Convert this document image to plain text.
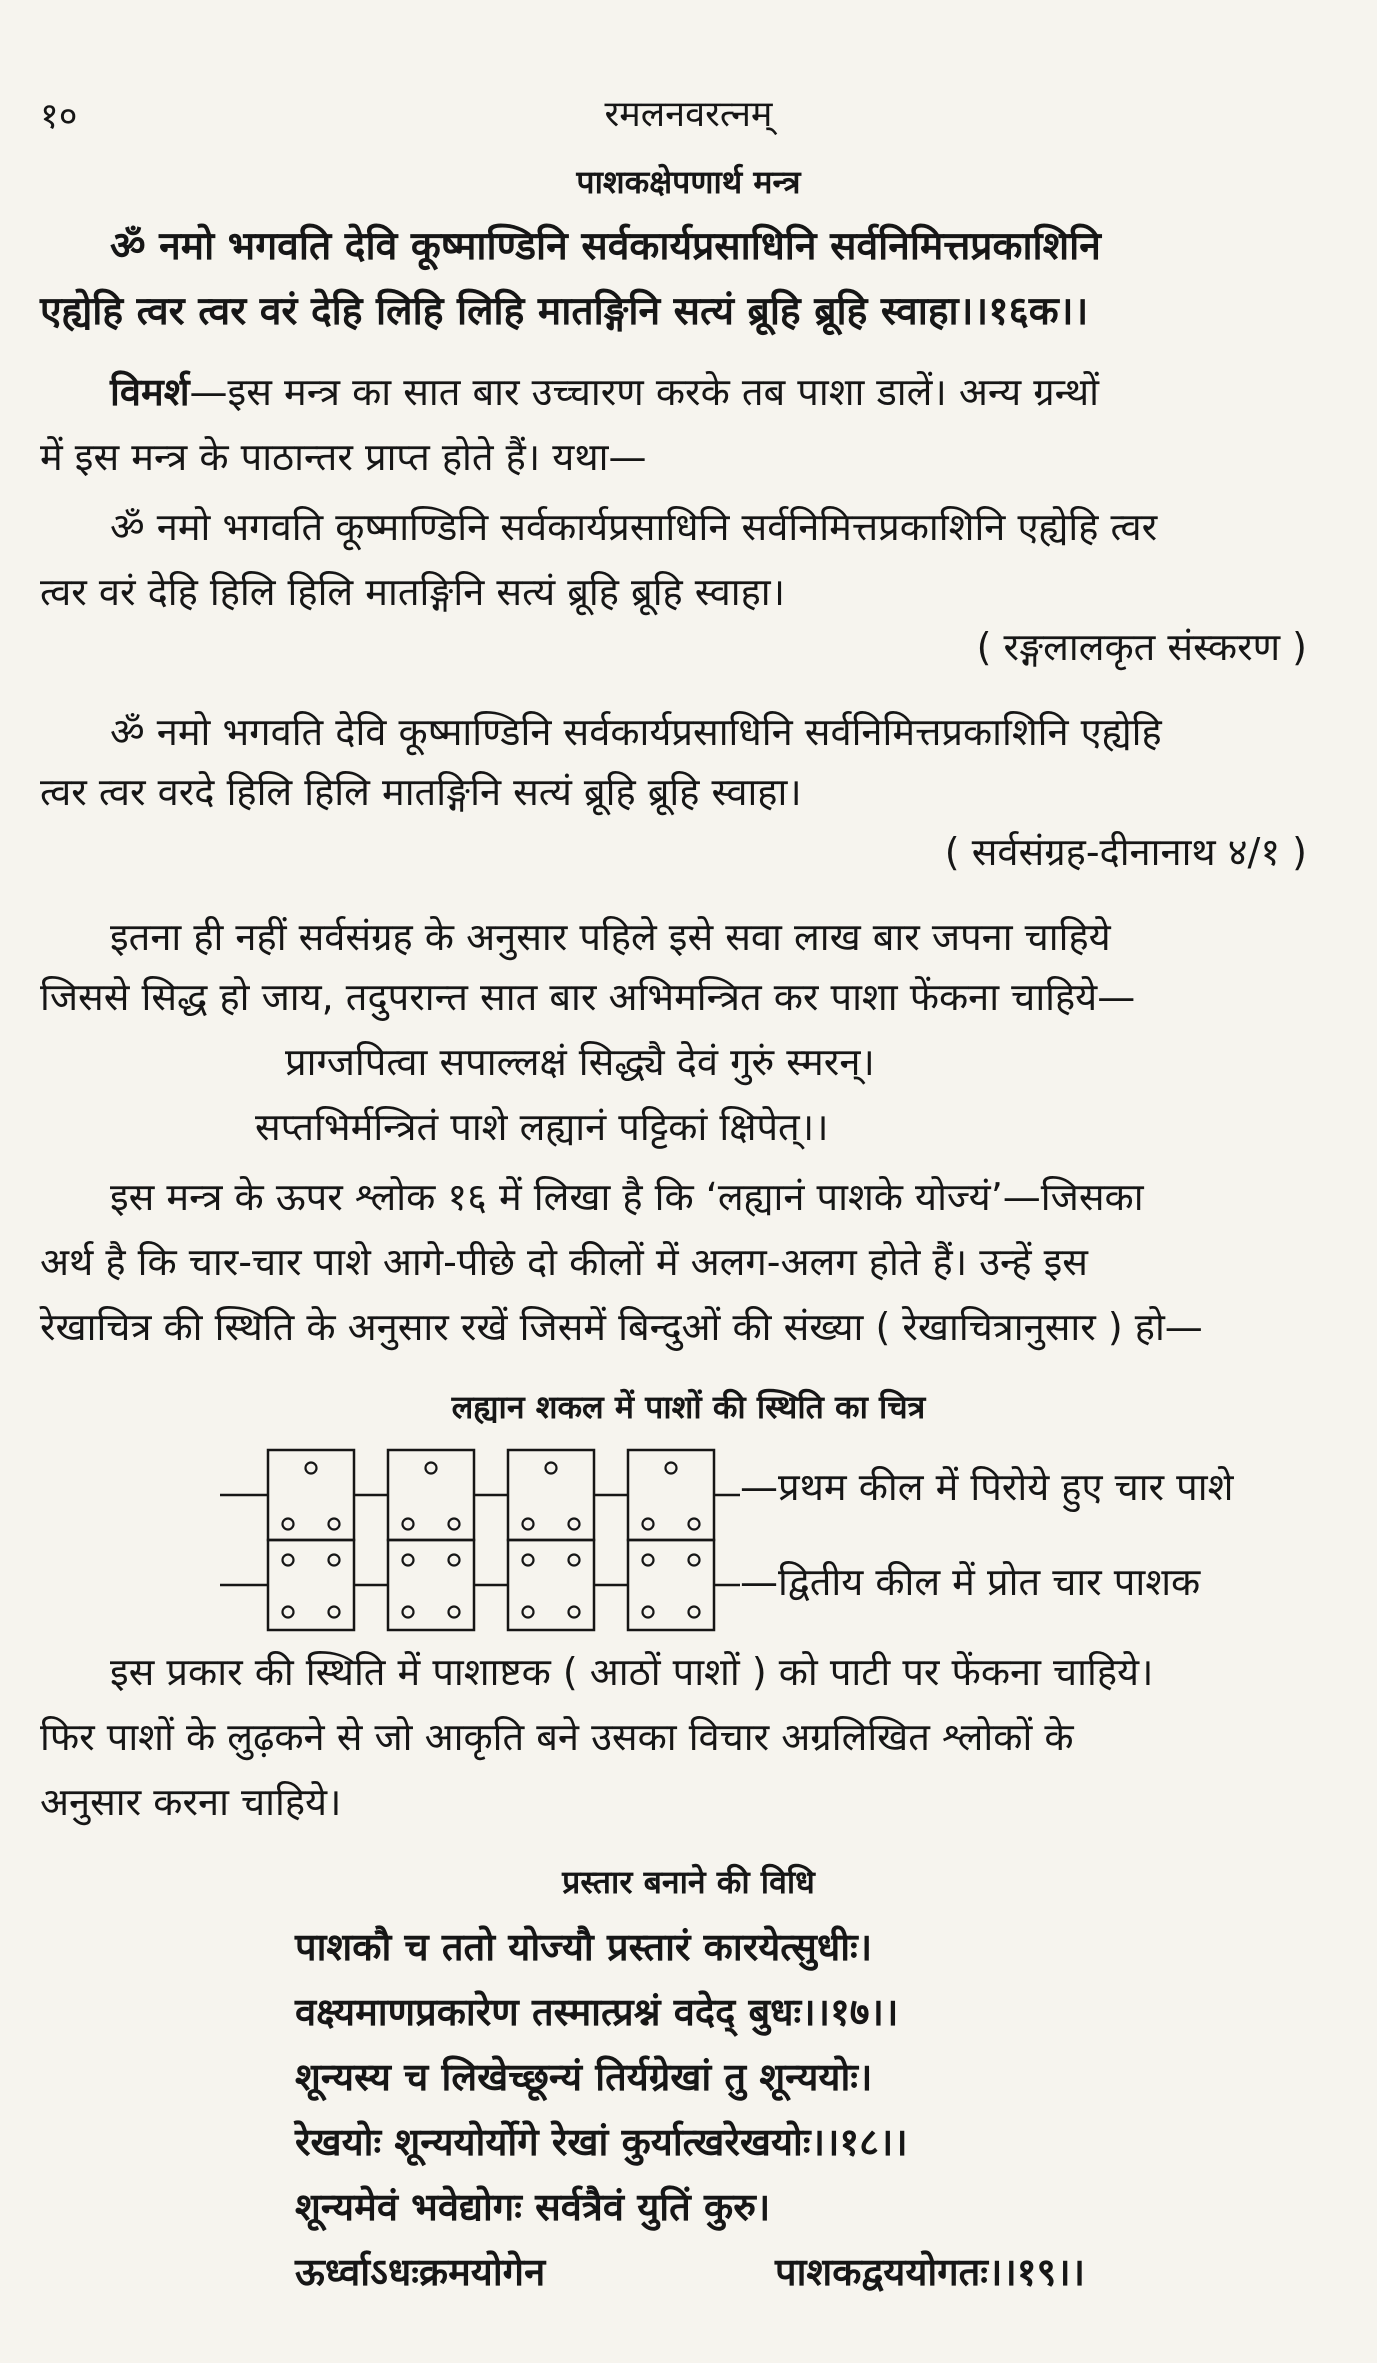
१०	रमलनवरत्नम्
पाशकक्षेपणार्थ मन्त्र
ॐ नमो भगवति देवि कूष्माण्डिनि सर्वकार्यप्रसाधिनि सर्वनिमित्तप्रकाशिनि
एह्येहि त्वर त्वर वरं देहि लिहि लिहि मातङ्गिनि सत्यं ब्रूहि ब्रूहि स्वाहा।।१६क।।
विमर्श—इस मन्त्र का सात बार उच्चारण करके तब पाशा डालें। अन्य ग्रन्थों
में इस मन्त्र के पाठान्तर प्राप्त होते हैं। यथा—
ॐ नमो भगवति कूष्माण्डिनि सर्वकार्यप्रसाधिनि सर्वनिमित्तप्रकाशिनि एह्येहि त्वर
त्वर वरं देहि हिलि हिलि मातङ्गिनि सत्यं ब्रूहि ब्रूहि स्वाहा।
( रङ्गलालकृत संस्करण )
ॐ नमो भगवति देवि कूष्माण्डिनि सर्वकार्यप्रसाधिनि सर्वनिमित्तप्रकाशिनि एह्येहि
त्वर त्वर वरदे हिलि हिलि मातङ्गिनि सत्यं ब्रूहि ब्रूहि स्वाहा।
( सर्वसंग्रह-दीनानाथ ४/१ )
इतना ही नहीं सर्वसंग्रह के अनुसार पहिले इसे सवा लाख बार जपना चाहिये
जिससे सिद्ध हो जाय, तदुपरान्त सात बार अभिमन्त्रित कर पाशा फेंकना चाहिये—
प्राग्जपित्वा सपाल्लक्षं सिद्ध्यै देवं गुरुं स्मरन्।
सप्तभिर्मन्त्रितं पाशे लह्यानं पट्टिकां क्षिपेत्।।
इस मन्त्र के ऊपर श्लोक १६ में लिखा है कि ‘लह्यानं पाशके योज्यं’—जिसका
अर्थ है कि चार-चार पाशे आगे-पीछे दो कीलों में अलग-अलग होते हैं। उन्हें इस
रेखाचित्र की स्थिति के अनुसार रखें जिसमें बिन्दुओं की संख्या ( रेखाचित्रानुसार ) हो—
लह्यान शकल में पाशों की स्थिति का चित्र
—प्रथम कील में पिरोये हुए चार पाशे
—द्वितीय कील में प्रोत चार पाशक
इस प्रकार की स्थिति में पाशाष्टक ( आठों पाशों ) को पाटी पर फेंकना चाहिये।
फिर पाशों के लुढ़कने से जो आकृति बने उसका विचार अग्रलिखित श्लोकों के
अनुसार करना चाहिये।
प्रस्तार बनाने की विधि
पाशकौ च ततो योज्यौ प्रस्तारं कारयेत्सुधीः।
वक्ष्यमाणप्रकारेण तस्मात्प्रश्नं वदेद् बुधः।।१७।।
शून्यस्य च लिखेच्छून्यं तिर्यग्रेखां तु शून्ययोः।
रेखयोः शून्ययोर्योगे रेखां कुर्यात्खरेखयोः।।१८।।
शून्यमेवं भवेद्योगः सर्वत्रैवं युतिं कुरु।
ऊर्ध्वाऽधःक्रमयोगेन	पाशकद्वययोगतः।।१९।।
